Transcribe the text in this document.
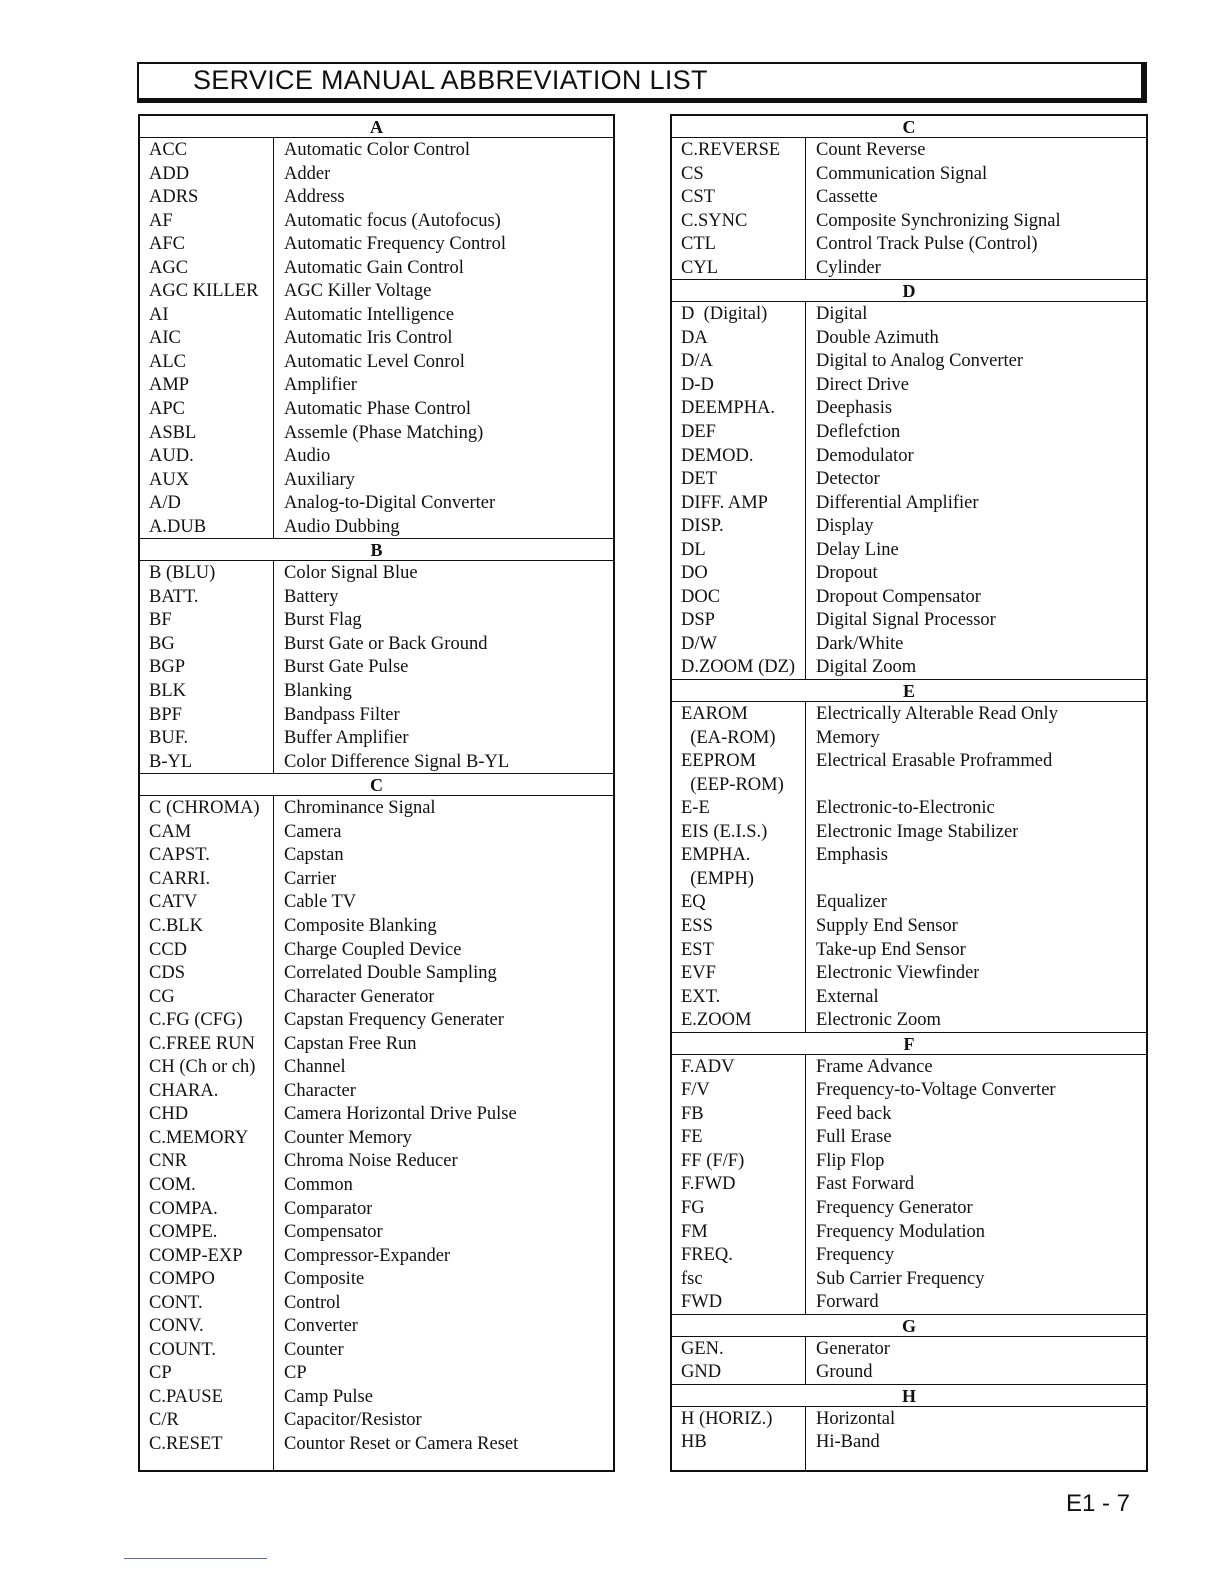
SERVICE MANUAL ABBREVIATION LIST
A
ACC	Automatic Color Control
ADD	Adder
ADRS	Address
AF	Automatic focus (Autofocus)
AFC	Automatic Frequency Control
AGC	Automatic Gain Control
AGC KILLER	AGC Killer Voltage
AI	Automatic Intelligence
AIC	Automatic Iris Control
ALC	Automatic Level Conrol
AMP	Amplifier
APC	Automatic Phase Control
ASBL	Assemle (Phase Matching)
AUD.	Audio
AUX	Auxiliary
A/D	Analog-to-Digital Converter
A.DUB	Audio Dubbing
B
B (BLU)	Color Signal Blue
BATT.	Battery
BF	Burst Flag
BG	Burst Gate or Back Ground
BGP	Burst Gate Pulse
BLK	Blanking
BPF	Bandpass Filter
BUF.	Buffer Amplifier
B-YL	Color Difference Signal B-YL
C
C (CHROMA)	Chrominance Signal
CAM	Camera
CAPST.	Capstan
CARRI.	Carrier
CATV	Cable TV
C.BLK	Composite Blanking
CCD	Charge Coupled Device
CDS	Correlated Double Sampling
CG	Character Generator
C.FG (CFG)	Capstan Frequency Generater
C.FREE RUN	Capstan Free Run
CH (Ch or ch)	Channel
CHARA.	Character
CHD	Camera Horizontal Drive Pulse
C.MEMORY	Counter Memory
CNR	Chroma Noise Reducer
COM.	Common
COMPA.	Comparator
COMPE.	Compensator
COMP-EXP	Compressor-Expander
COMPO	Composite
CONT.	Control
CONV.	Converter
COUNT.	Counter
CP	CP
C.PAUSE	Camp Pulse
C/R	Capacitor/Resistor
C.RESET	Countor Reset or Camera Reset
C
C.REVERSE	Count Reverse
CS	Communication Signal
CST	Cassette
C.SYNC	Composite Synchronizing Signal
CTL	Control Track Pulse (Control)
CYL	Cylinder
D
D  (Digital)	Digital
DA	Double Azimuth
D/A	Digital to Analog Converter
D-D	Direct Drive
DEEMPHA.	Deephasis
DEF	Deflefction
DEMOD.	Demodulator
DET	Detector
DIFF. AMP	Differential Amplifier
DISP.	Display
DL	Delay Line
DO	Dropout
DOC	Dropout Compensator
DSP	Digital Signal Processor
D/W	Dark/White
D.ZOOM (DZ)	Digital Zoom
E
EAROM	Electrically Alterable Read Only
(EA-ROM)	Memory
EEPROM	Electrical Erasable Proframmed
(EEP-ROM)
E-E	Electronic-to-Electronic
EIS (E.I.S.)	Electronic Image Stabilizer
EMPHA.	Emphasis
(EMPH)
EQ	Equalizer
ESS	Supply End Sensor
EST	Take-up End Sensor
EVF	Electronic Viewfinder
EXT.	External
E.ZOOM	Electronic Zoom
F
F.ADV	Frame Advance
F/V	Frequency-to-Voltage Converter
FB	Feed back
FE	Full Erase
FF (F/F)	Flip Flop
F.FWD	Fast Forward
FG	Frequency Generator
FM	Frequency Modulation
FREQ.	Frequency
fsc	Sub Carrier Frequency
FWD	Forward
G
GEN.	Generator
GND	Ground
H
H (HORIZ.)	Horizontal
HB	Hi-Band
E1 - 7
